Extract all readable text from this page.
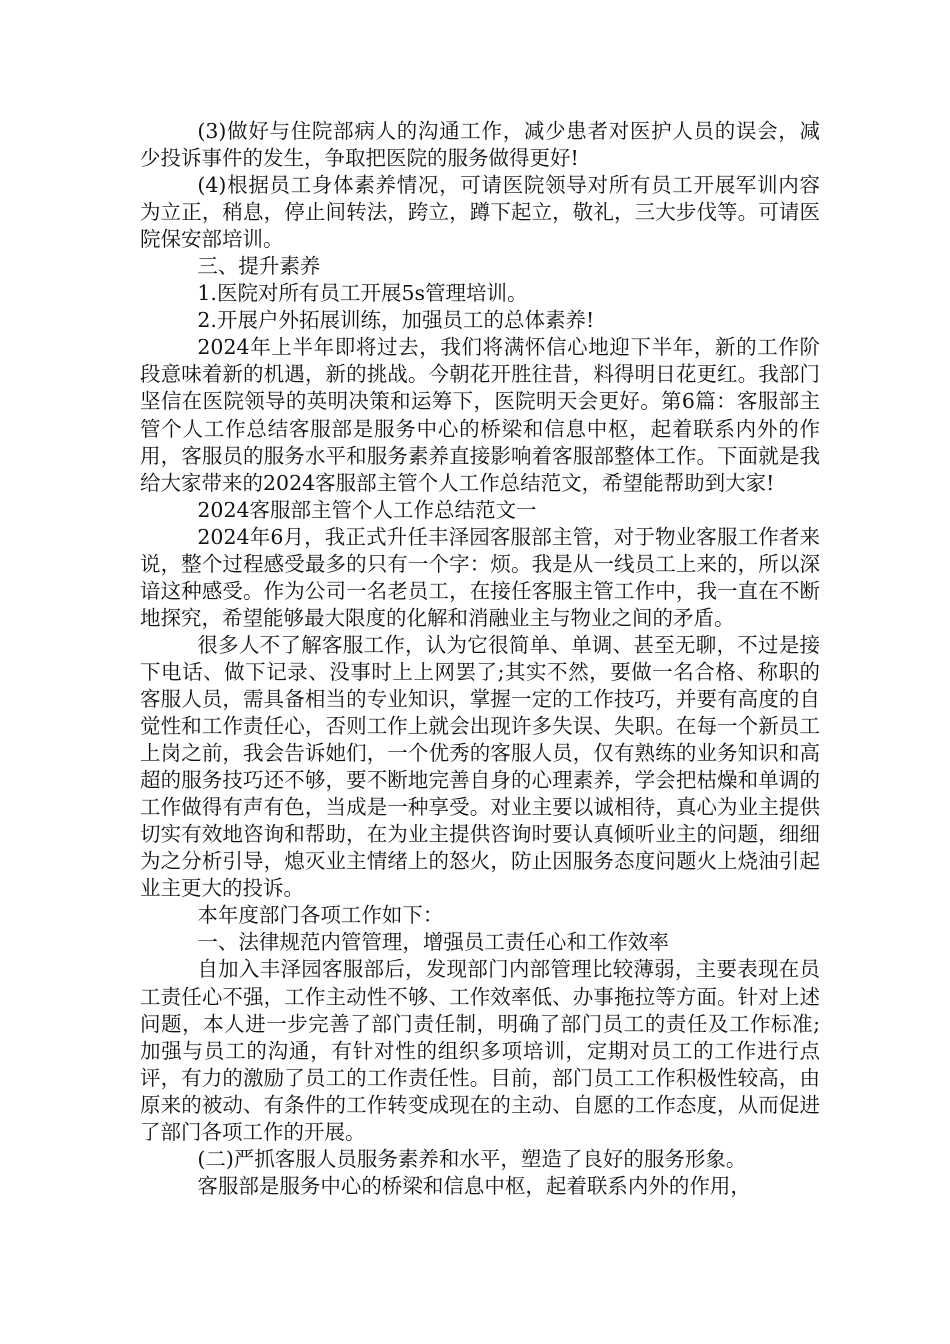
(3)做好与住院部病人的沟通工作，减少患者对医护人员的误会，减少投诉事件的发生，争取把医院的服务做得更好!

(4)根据员工身体素养情况，可请医院领导对所有员工开展军训内容为立正，稍息，停止间转法，跨立，蹲下起立，敬礼，三大步伐等。可请医院保安部培训。

三、提升素养

1.医院对所有员工开展5s管理培训。

2.开展户外拓展训练，加强员工的总体素养!

2024年上半年即将过去，我们将满怀信心地迎下半年，新的工作阶段意味着新的机遇，新的挑战。今朝花开胜往昔，料得明日花更红。我部门坚信在医院领导的英明决策和运筹下，医院明天会更好。第6篇：客服部主管个人工作总结客服部是服务中心的桥梁和信息中枢，起着联系内外的作用，客服员的服务水平和服务素养直接影响着客服部整体工作。下面就是我给大家带来的2024客服部主管个人工作总结范文，希望能帮助到大家!

2024客服部主管个人工作总结范文一

2024年6月，我正式升任丰泽园客服部主管，对于物业客服工作者来说，整个过程感受最多的只有一个字：烦。我是从一线员工上来的，所以深谙这种感受。作为公司一名老员工，在接任客服主管工作中，我一直在不断地探究，希望能够最大限度的化解和消融业主与物业之间的矛盾。

很多人不了解客服工作，认为它很简单、单调、甚至无聊，不过是接下电话、做下记录、没事时上上网罢了;其实不然，要做一名合格、称职的客服人员，需具备相当的专业知识，掌握一定的工作技巧，并要有高度的自觉性和工作责任心，否则工作上就会出现许多失误、失职。在每一个新员工上岗之前，我会告诉她们，一个优秀的客服人员，仅有熟练的业务知识和高超的服务技巧还不够，要不断地完善自身的心理素养，学会把枯燥和单调的工作做得有声有色，当成是一种享受。对业主要以诚相待，真心为业主提供切实有效地咨询和帮助，在为业主提供咨询时要认真倾听业主的问题，细细为之分析引导，熄灭业主情绪上的怒火，防止因服务态度问题火上烧油引起业主更大的投诉。

本年度部门各项工作如下：

一、法律规范内管管理，增强员工责任心和工作效率

自加入丰泽园客服部后，发现部门内部管理比较薄弱，主要表现在员工责任心不强，工作主动性不够、工作效率低、办事拖拉等方面。针对上述问题，本人进一步完善了部门责任制，明确了部门员工的责任及工作标准;加强与员工的沟通，有针对性的组织多项培训，定期对员工的工作进行点评，有力的激励了员工的工作责任性。目前，部门员工工作积极性较高，由原来的被动、有条件的工作转变成现在的主动、自愿的工作态度，从而促进了部门各项工作的开展。

(二)严抓客服人员服务素养和水平，塑造了良好的服务形象。

客服部是服务中心的桥梁和信息中枢，起着联系内外的作用，
